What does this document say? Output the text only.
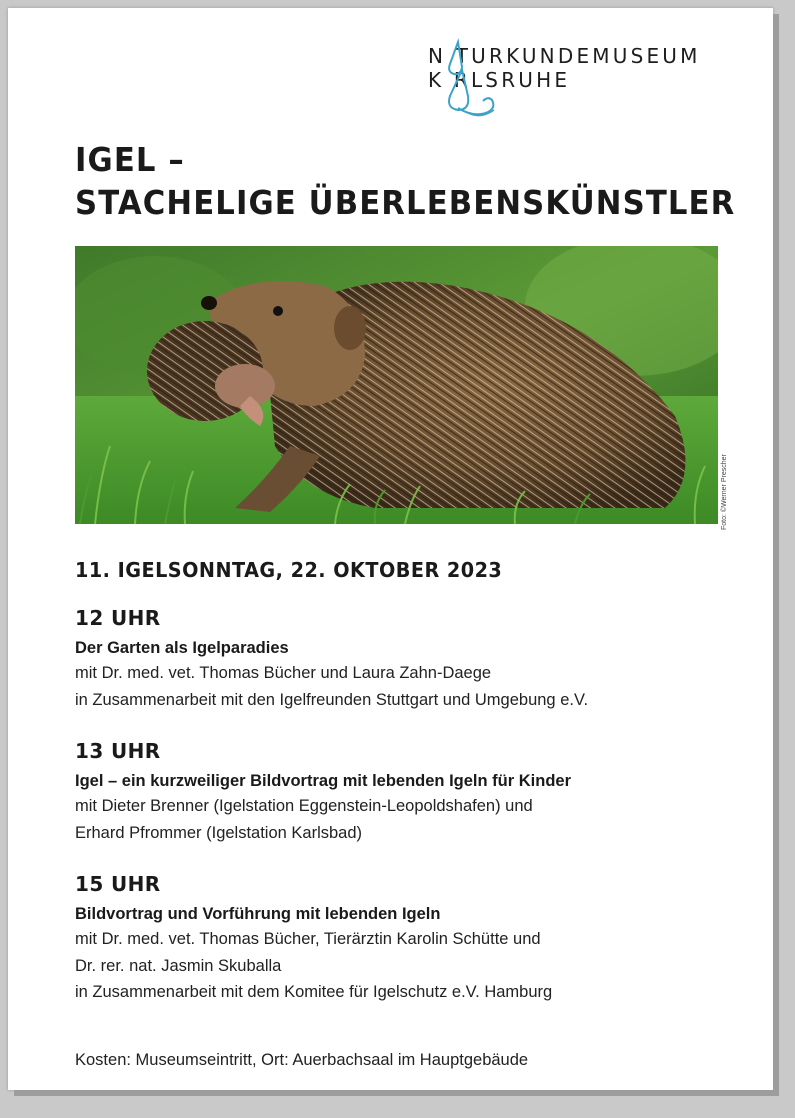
N TURKUNDEMUSEUM
K RLSRUHE
IGEL –
STACHELIGE ÜBERLEBENSKÜNSTLER
Foto: ©Werner Prescher
11. IGELSONNTAG, 22. OKTOBER 2023
12 UHR

Der Garten als Igelparadies

mit Dr. med. vet. Thomas Bücher und Laura Zahn-Daege

in Zusammenarbeit mit den Igelfreunden Stuttgart und Umgebung e.V.

13 UHR

Igel – ein kurzweiliger Bildvortrag mit lebenden Igeln für Kinder

mit Dieter Brenner (Igelstation Eggenstein-Leopoldshafen) und

Erhard Pfrommer (Igelstation Karlsbad)

15 UHR

Bildvortrag und Vorführung mit lebenden Igeln

mit Dr. med. vet. Thomas Bücher, Tierärztin Karolin Schütte und

Dr. rer. nat. Jasmin Skuballa

in Zusammenarbeit mit dem Komitee für Igelschutz e.V. Hamburg

Kosten: Museumseintritt, Ort: Auerbachsaal im Hauptgebäude
